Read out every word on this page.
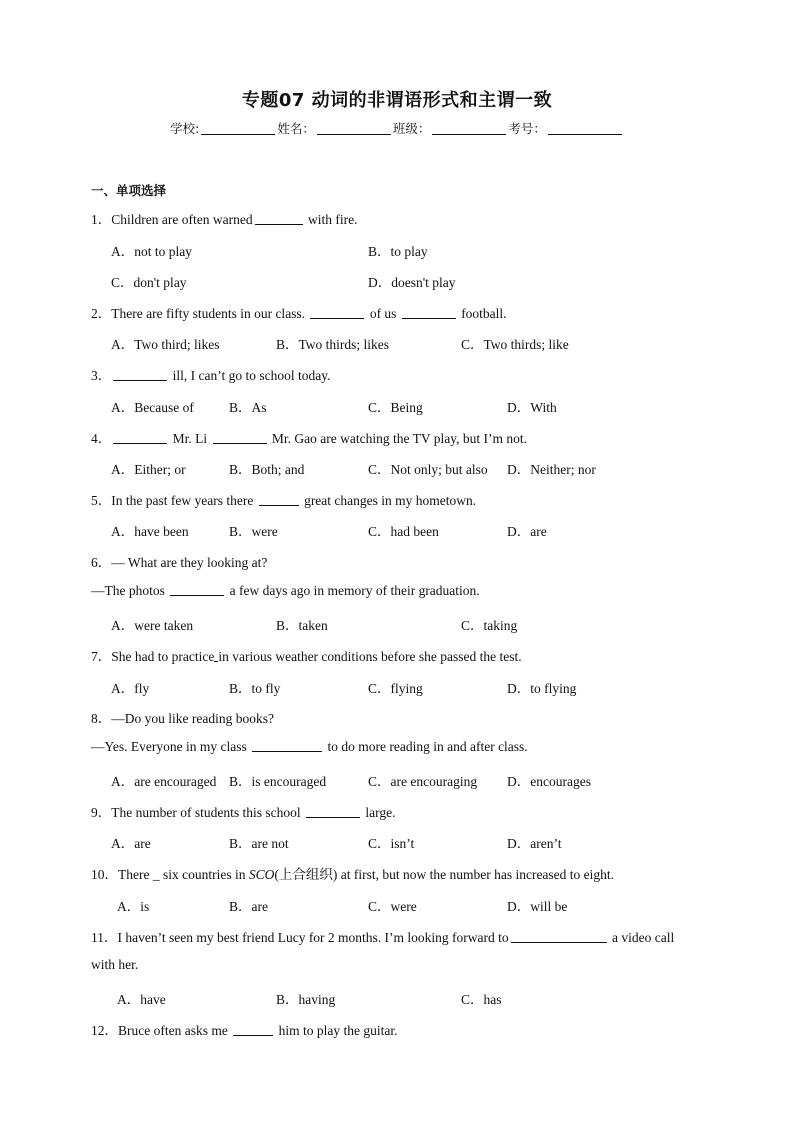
专题07 动词的非谓语形式和主谓一致
学校:	姓名：	班级：	考号：
一、单项选择
1．Children are often warned	with fire.
A．not to play	B．to play
C．don't play	D．doesn't play
2．There are fifty students in our class.	of us	football.
A．Two third; likes	B．Two thirds; likes	C．Two thirds; like
3．	ill, I can’t go to school today.
A．Because of	B．As	C．Being	D．With
4．	Mr. Li	Mr. Gao are watching the TV play, but I’m not.
A．Either; or	B．Both; and	C．Not only; but also D．Neither; nor
5．In the past few years there	great changes in my hometown.
A．have been	B．were	C．had been	D．are
6．— What are they looking at?
—The photos	a few days ago in memory of their graduation.
A．were taken	B．taken	C．taking
7．She had to practice in various weather conditions before she passed the test.
A．fly	B．to fly	C．flying	D．to flying
8．—Do you like reading books?
—Yes. Everyone in my class	to do more reading in and after class.
A．are encouraged B．is encouraged	C．are encouraging D．encourages
9．The number of students this school	large.
A．are	B．are not	C．isn’t	D．aren’t
10．There _ six countries in SCO(上合组织) at first, but now the number has increased to eight.
A．is	B．are	C．were	D．will be
11．I haven’t seen my best friend Lucy for 2 months. I’m looking forward to	a video call
with her.
A．have	B．having	C．has
12．Bruce often asks me	him to play the guitar.
